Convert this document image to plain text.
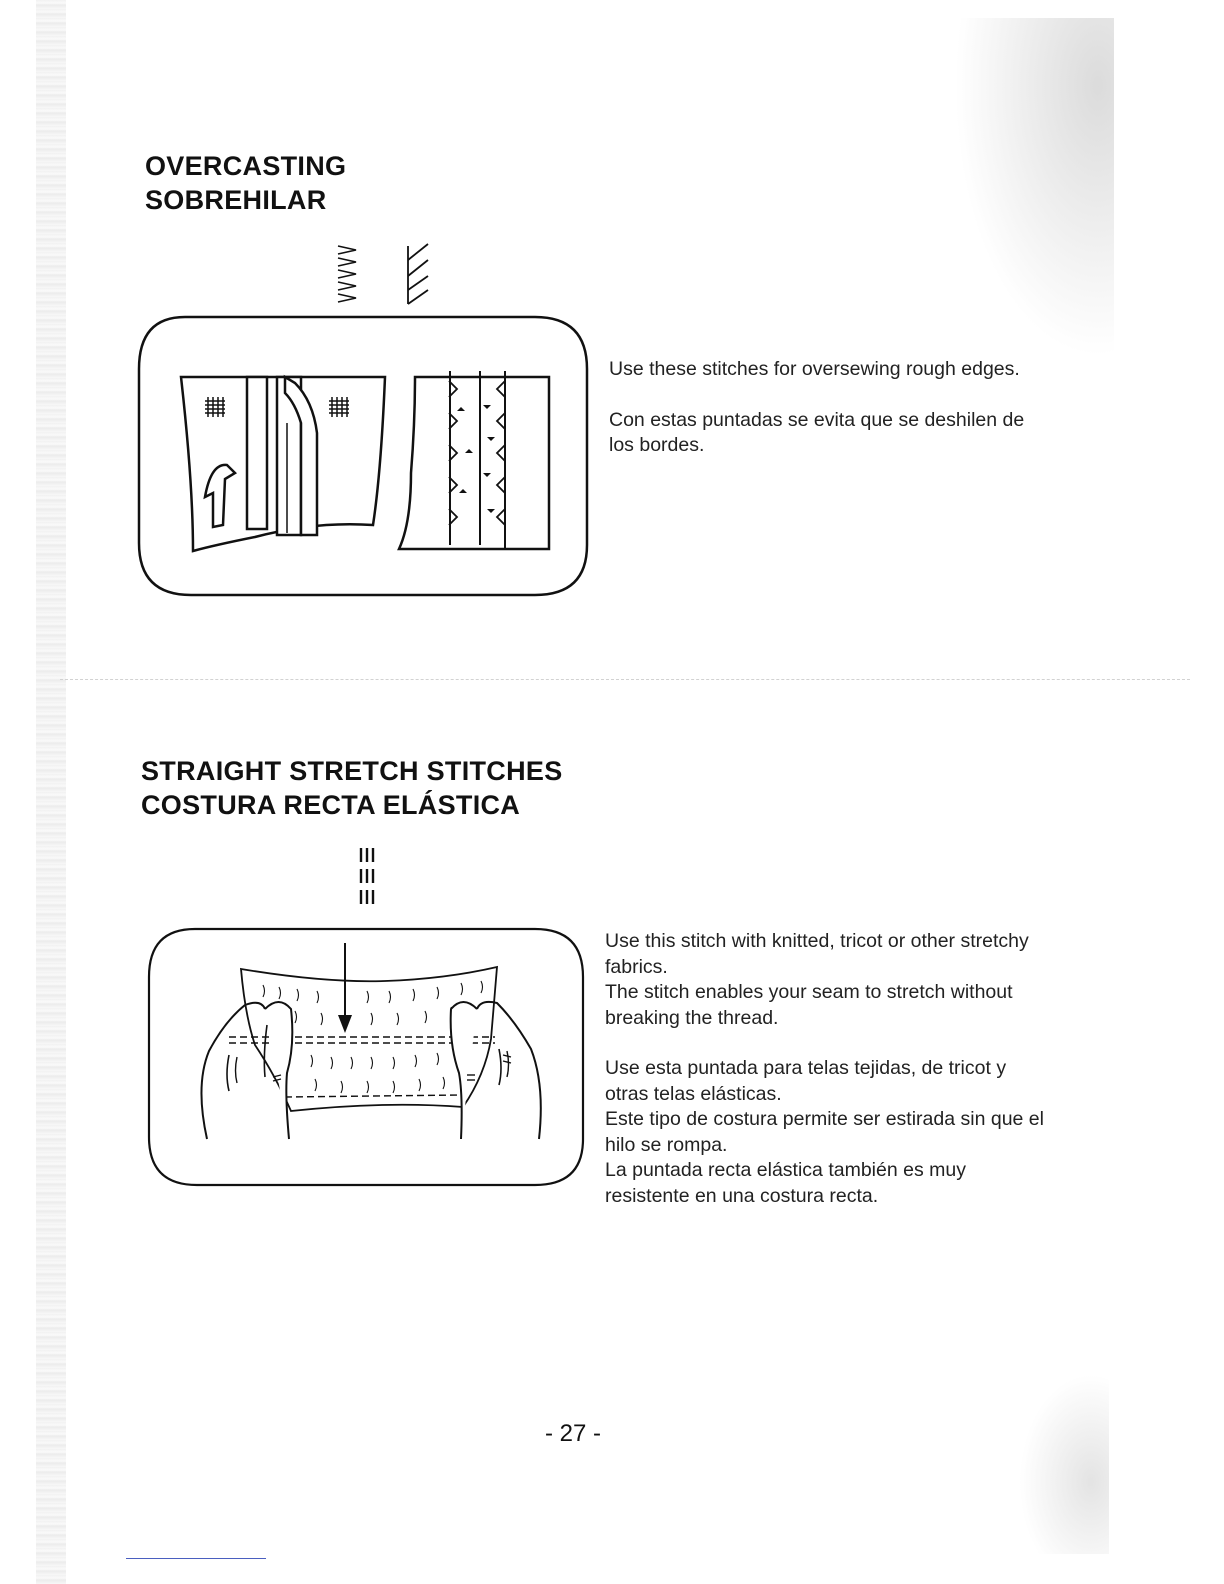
OVERCASTING
SOBREHILAR

Use these stitches for oversewing rough edges.

Con estas puntadas se evita que se deshilen de los bordes.

STRAIGHT STRETCH STITCHES
COSTURA RECTA ELÁSTICA

Use this stitch with knitted, tricot or other stretchy fabrics.

The stitch enables your seam to stretch without breaking the thread.

Use esta puntada para telas tejidas, de tricot y otras telas elásticas.

Este tipo de costura permite ser estirada sin que el hilo se rompa.

La puntada recta elástica también es muy resistente en una costura recta.

- 27 -
